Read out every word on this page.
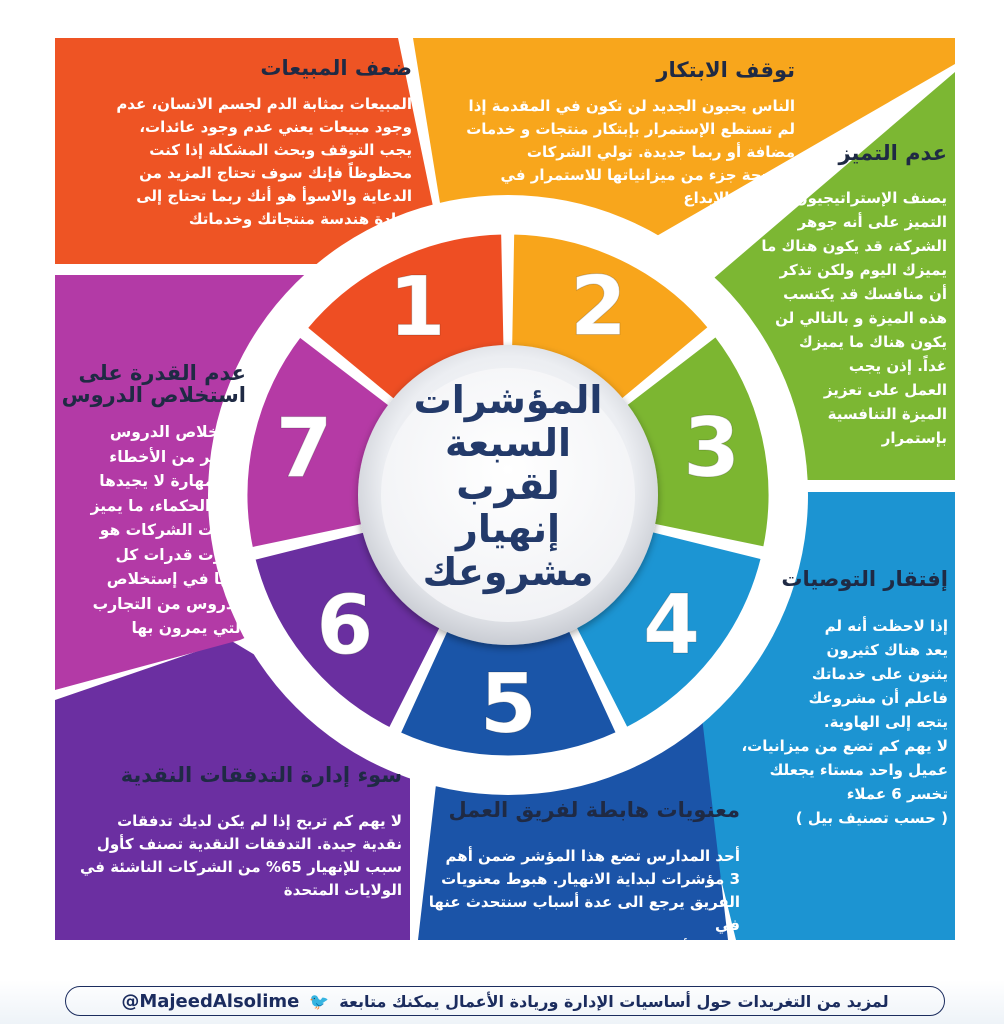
1 2
3
4
5
6
7
المؤشرات
السبعة
لقرب
إنهيار
مشروعك
ضعف المبيعات
المبيعات بمثابة الدم لجسم الانسان، عدم
وجود مبيعات يعني عدم وجود عائدات،
يجب التوقف وبحث المشكلة إذا كنت
محظوظاً فإنك سوف تحتاج المزيد من
الدعاية والاسوأ هو أنك ربما تحتاج إلى
إعادة هندسة منتجاتك وخدماتك
توقف الابتكار
الناس يحبون الجديد لن تكون في المقدمة إذا
لم تستطع الإستمرار بإبتكار منتجات و خدمات
مضافة أو ربما جديدة. تولي الشركات
الناجحة جزء من ميزانياتها للاستمرار في
الإبتكار والابداع
عدم التميز
يصنف الإستراتيجيون
التميز على أنه جوهر
الشركة، قد يكون هناك ما
يميزك اليوم ولكن تذكر
أن منافسك قد يكتسب
هذه الميزة و بالتالي لن
يكون هناك ما يميزك
غداً. إذن يجب
العمل على تعزيز
الميزة التنافسية
بإستمرار
إفتقار التوصيات
إذا لاحظت أنه لم
يعد هناك كثيرون
يثنون على خدماتك
فاعلم أن مشروعك
يتجه إلى الهاوية.
لا يهم كم تضع من ميزانيات،
عميل واحد مستاء يجعلك
تخسر 6 عملاء
( حسب تصنيف بيل )
معنويات هابطة لفريق العمل
أحد المدارس تضع هذا المؤشر ضمن أهم
3 مؤشرات لبداية الانهيار. هبوط معنويات
الفريق يرجع الى عدة أسباب سنتحدث عنها في
تغريدة أخرى
سوء إدارة التدفقات النقدية
لا يهم كم تربح إذا لم يكن لديك تدفقات
نقدية جيدة. التدفقات النقدية تصنف كأول
سبب للإنهيار 65% من الشركات الناشئة في
الولايات المتحدة
عدم القدرة على
استخلاص الدروس
استخلاص الدروس
والعبر من الأخطاء
هي مهارة لا يجيدها
سوا الحكماء، ما يميز
خبرات الشركات هو
تفاوت قدرات كل
منها في إستخلاص
الدروس من التجارب
التي يمرون بها
لمزيد من التغريدات حول أساسيات الإدارة وريادة الأعمال يمكنك متابعة
🐦
@MajeedAlsolime
